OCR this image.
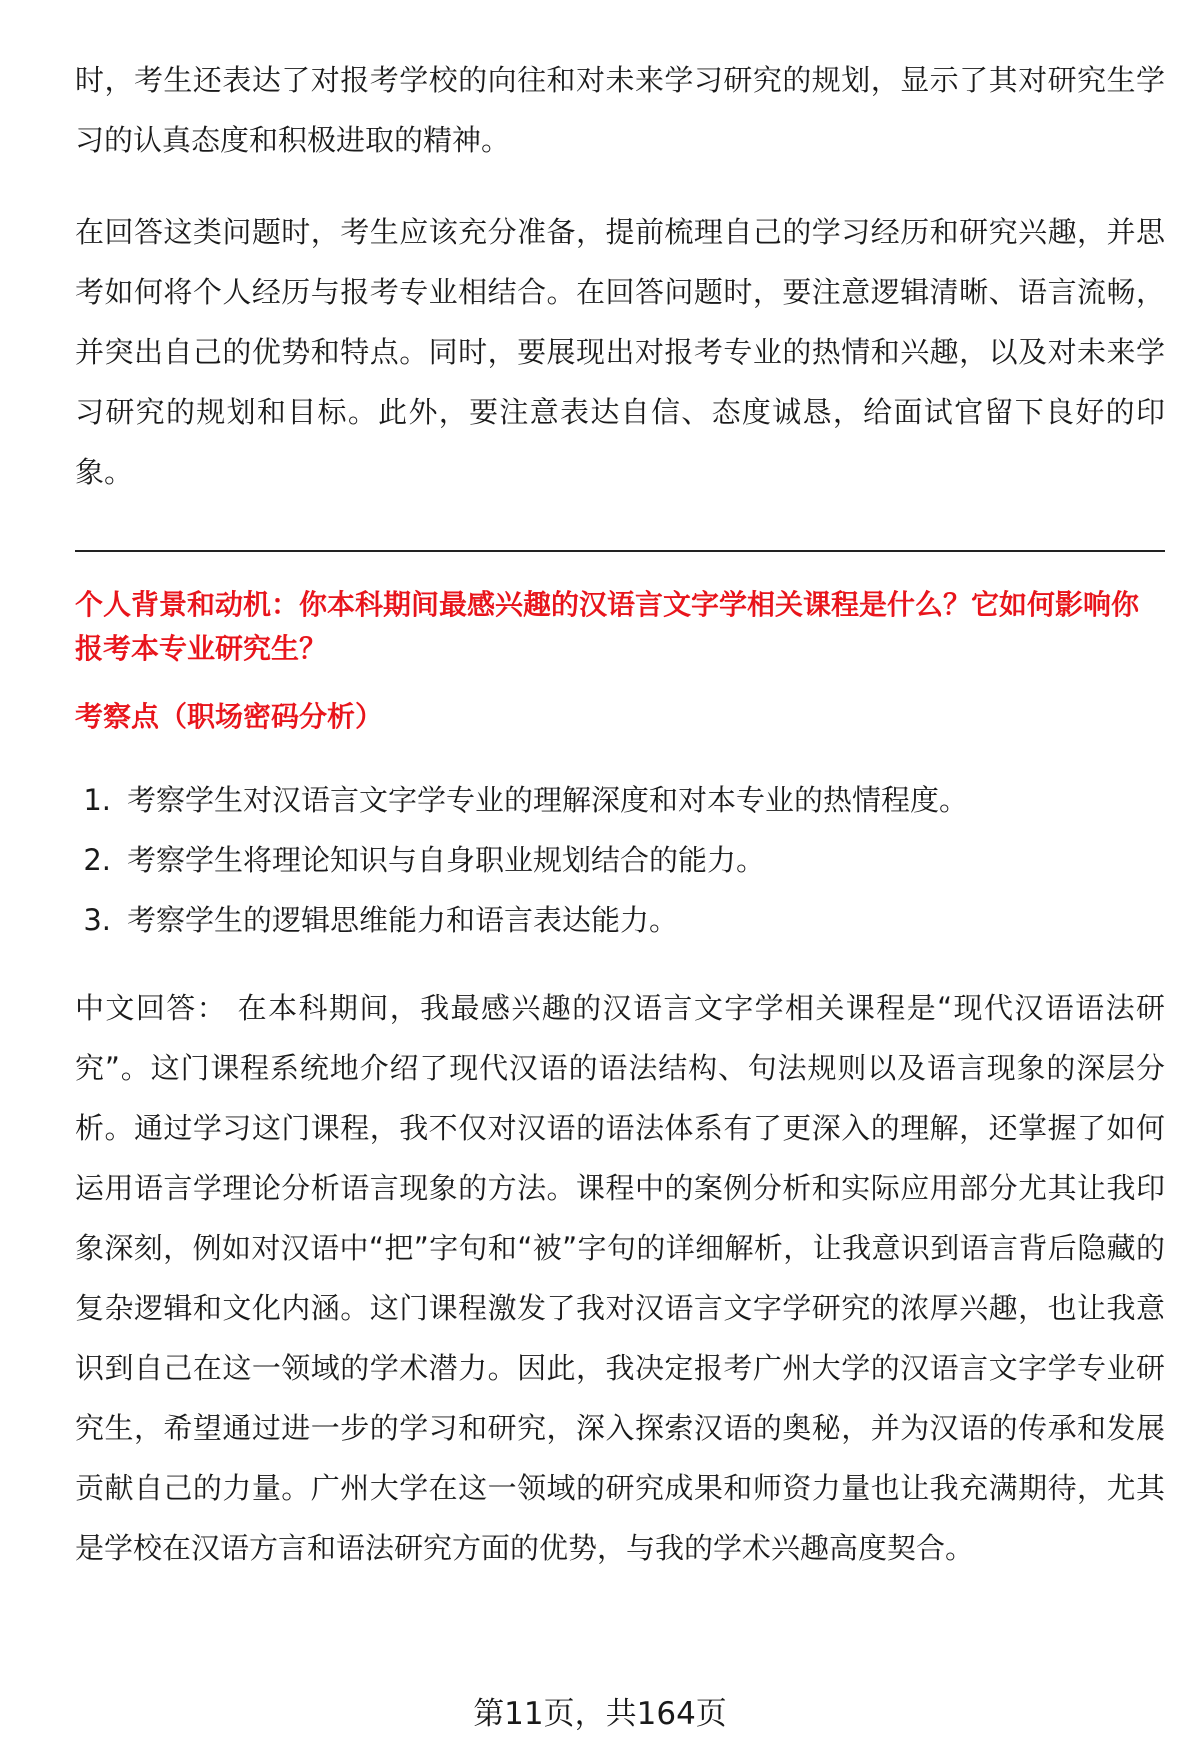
时，考生还表达了对报考学校的向往和对未来学习研究的规划，显示了其对研究生学习的认真态度和积极进取的精神。

在回答这类问题时，考生应该充分准备，提前梳理自己的学习经历和研究兴趣，并思考如何将个人经历与报考专业相结合。在回答问题时，要注意逻辑清晰、语言流畅，并突出自己的优势和特点。同时，要展现出对报考专业的热情和兴趣，以及对未来学习研究的规划和目标。此外，要注意表达自信、态度诚恳，给面试官留下良好的印象。

个人背景和动机：你本科期间最感兴趣的汉语言文字学相关课程是什么？它如何影响你报考本专业研究生？

考察点（职场密码分析）

1. 考察学生对汉语言文字学专业的理解深度和对本专业的热情程度。
2. 考察学生将理论知识与自身职业规划结合的能力。
3. 考察学生的逻辑思维能力和语言表达能力。

中文回答： 在本科期间，我最感兴趣的汉语言文字学相关课程是“现代汉语语法研究”。这门课程系统地介绍了现代汉语的语法结构、句法规则以及语言现象的深层分析。通过学习这门课程，我不仅对汉语的语法体系有了更深入的理解，还掌握了如何运用语言学理论分析语言现象的方法。课程中的案例分析和实际应用部分尤其让我印象深刻，例如对汉语中“把”字句和“被”字句的详细解析，让我意识到语言背后隐藏的复杂逻辑和文化内涵。这门课程激发了我对汉语言文字学研究的浓厚兴趣，也让我意识到自己在这一领域的学术潜力。因此，我决定报考广州大学的汉语言文字学专业研究生，希望通过进一步的学习和研究，深入探索汉语的奥秘，并为汉语的传承和发展贡献自己的力量。广州大学在这一领域的研究成果和师资力量也让我充满期待，尤其是学校在汉语方言和语法研究方面的优势，与我的学术兴趣高度契合。

第11页，共164页
